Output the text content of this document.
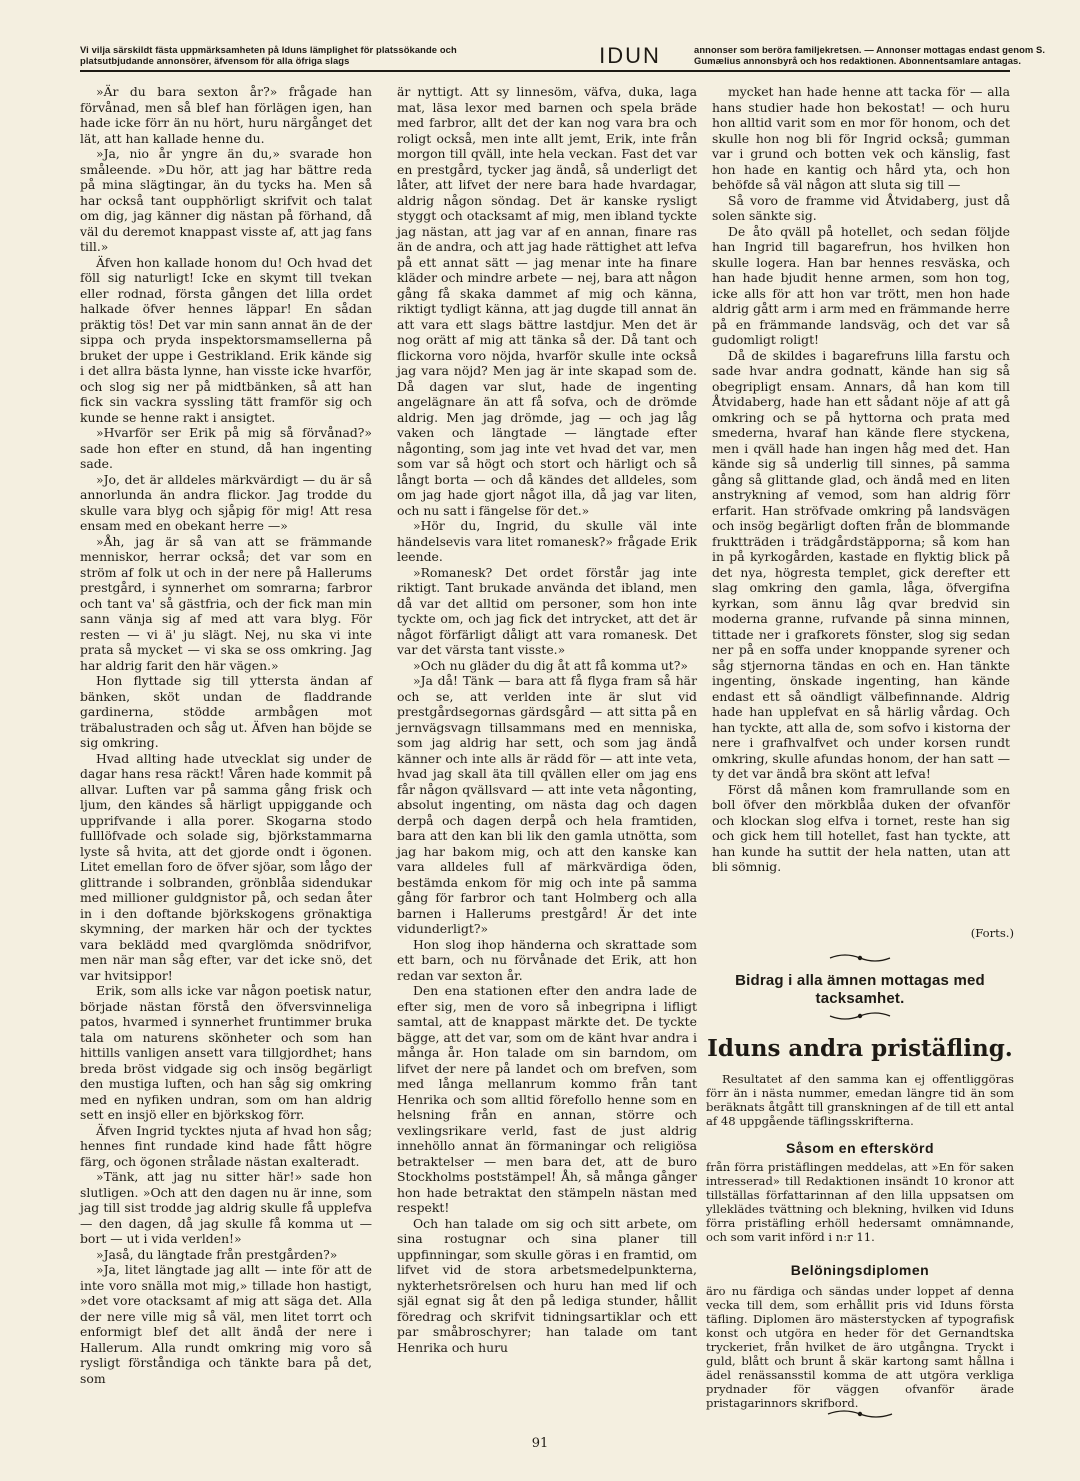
Vi vilja särskildt fästa uppmärksamheten på Iduns lämplighet för platssökande och platsutbjudande annonsörer, äfvensom för alla öfriga slags	IDUN	annonser som beröra familjekretsen. — Annonser mottagas endast genom S. Gumælius annonsbyrå och hos redaktionen. Abonnentsamlare antagas.

»Är du bara sexton år?» frågade han förvånad, men så blef han förlägen igen, han hade icke förr än nu hört, huru närgånget det lät, att han kallade henne du.

»Ja, nio år yngre än du,» svarade hon småleende. »Du hör, att jag har bättre reda på mina slägtingar, än du tycks ha. Men så har också tant oupphörligt skrifvit och talat om dig, jag känner dig nästan på förhand, då väl du deremot knappast visste af, att jag fans till.»

Äfven hon kallade honom du! Och hvad det föll sig naturligt! Icke en skymt till tvekan eller rodnad, första gången det lilla ordet halkade öfver hennes läppar! En sådan präktig tös! Det var min sann annat än de der sippa och pryda inspektorsmamsellerna på bruket der uppe i Gestrikland. Erik kände sig i det allra bästa lynne, han visste icke hvarför, och slog sig ner på midtbänken, så att han fick sin vackra syssling tätt framför sig och kunde se henne rakt i ansigtet.

»Hvarför ser Erik på mig så förvånad?» sade hon efter en stund, då han ingenting sade.

»Jo, det är alldeles märkvärdigt — du är så annorlunda än andra flickor. Jag trodde du skulle vara blyg och sjåpig för mig! Att resa ensam med en obekant herre —»

»Åh, jag är så van att se främmande menniskor, herrar också; det var som en ström af folk ut och in der nere på Hallerums prestgård, i synnerhet om somrarna; farbror och tant va' så gästfria, och der fick man min sann vänja sig af med att vara blyg. För resten — vi ä' ju slägt. Nej, nu ska vi inte prata så mycket — vi ska se oss omkring. Jag har aldrig farit den här vägen.»

Hon flyttade sig till yttersta ändan af bänken, sköt undan de fladdrande gardinerna, stödde armbågen mot träbalustraden och såg ut. Äfven han böjde se sig omkring.

Hvad allting hade utvecklat sig under de dagar hans resa räckt! Våren hade kommit på allvar. Luften var på samma gång frisk och ljum, den kändes så härligt uppiggande och upprifvande i alla porer. Skogarna stodo fulllöfvade och solade sig, björkstammarna lyste så hvita, att det gjorde ondt i ögonen. Litet emellan foro de öfver sjöar, som lågo der glittrande i solbranden, grönblåa sidendukar med millioner guldgnistor på, och sedan åter in i den doftande björkskogens grönaktiga skymning, der marken här och der tycktes vara beklädd med qvarglömda snödrifvor, men när man såg efter, var det icke snö, det var hvitsippor!

Erik, som alls icke var någon poetisk natur, började nästan förstå den öfversvinneliga patos, hvarmed i synnerhet fruntimmer bruka tala om naturens skönheter och som han hittills vanligen ansett vara tillgjordhet; hans breda bröst vidgade sig och insög begärligt den mustiga luften, och han såg sig omkring med en nyfiken undran, som om han aldrig sett en insjö eller en björkskog förr.

Äfven Ingrid tycktes njuta af hvad hon såg; hennes fint rundade kind hade fått högre färg, och ögonen strålade nästan exalteradt.

»Tänk, att jag nu sitter här!» sade hon slutligen. »Och att den dagen nu är inne, som jag till sist trodde jag aldrig skulle få upplefva — den dagen, då jag skulle få komma ut — bort — ut i vida verlden!»

»Jaså, du längtade från prestgården?»

»Ja, litet längtade jag allt — inte för att de inte voro snälla mot mig,» tillade hon hastigt, »det vore otacksamt af mig att säga det. Alla der nere ville mig så väl, men litet torrt och enformigt blef det allt ändå der nere i Hallerum. Alla rundt omkring mig voro så rysligt förståndiga och tänkte bara på det, som

är nyttigt. Att sy linnesöm, väfva, duka, laga mat, läsa lexor med barnen och spela bräde med farbror, allt det der kan nog vara bra och roligt också, men inte allt jemt, Erik, inte från morgon till qväll, inte hela veckan. Fast det var en prestgård, tycker jag ändå, så underligt det låter, att lifvet der nere bara hade hvardagar, aldrig någon söndag. Det är kanske rysligt styggt och otacksamt af mig, men ibland tyckte jag nästan, att jag var af en annan, finare ras än de andra, och att jag hade rättighet att lefva på ett annat sätt — jag menar inte ha finare kläder och mindre arbete — nej, bara att någon gång få skaka dammet af mig och känna, riktigt tydligt känna, att jag dugde till annat än att vara ett slags bättre lastdjur. Men det är nog orätt af mig att tänka så der. Då tant och flickorna voro nöjda, hvarför skulle inte också jag vara nöjd? Men jag är inte skapad som de. Då dagen var slut, hade de ingenting angelägnare än att få sofva, och de drömde aldrig. Men jag drömde, jag — och jag låg vaken och längtade — längtade efter någonting, som jag inte vet hvad det var, men som var så högt och stort och härligt och så långt borta — och då kändes det alldeles, som om jag hade gjort något illa, då jag var liten, och nu satt i fängelse för det.»

»Hör du, Ingrid, du skulle väl inte händelsevis vara litet romanesk?» frågade Erik leende.

»Romanesk? Det ordet förstår jag inte riktigt. Tant brukade använda det ibland, men då var det alltid om personer, som hon inte tyckte om, och jag fick det intrycket, att det är något förfärligt dåligt att vara romanesk. Det var det värsta tant visste.»

»Och nu gläder du dig åt att få komma ut?»

»Ja då! Tänk — bara att få flyga fram så här och se, att verlden inte är slut vid prestgårdsegornas gärdsgård — att sitta på en jernvägsvagn tillsammans med en menniska, som jag aldrig har sett, och som jag ändå känner och inte alls är rädd för — att inte veta, hvad jag skall äta till qvällen eller om jag ens får någon qvällsvard — att inte veta någonting, absolut ingenting, om nästa dag och dagen derpå och dagen derpå och hela framtiden, bara att den kan bli lik den gamla utnötta, som jag har bakom mig, och att den kanske kan vara alldeles full af märkvärdiga öden, bestämda enkom för mig och inte på samma gång för farbror och tant Holmberg och alla barnen i Hallerums prestgård! Är det inte vidunderligt?»

Hon slog ihop händerna och skrattade som ett barn, och nu förvånade det Erik, att hon redan var sexton år.

Den ena stationen efter den andra lade de efter sig, men de voro så inbegripna i lifligt samtal, att de knappast märkte det. De tyckte bägge, att det var, som om de känt hvar andra i många år. Hon talade om sin barndom, om lifvet der nere på landet och om brefven, som med långa mellanrum kommo från tant Henrika och som alltid förefollo henne som en helsning från en annan, större och vexlingsrikare verld, fast de just aldrig innehöllo annat än förmaningar och religiösa betraktelser — men bara det, att de buro Stockholms poststämpel! Åh, så många gånger hon hade betraktat den stämpeln nästan med respekt!

Och han talade om sig och sitt arbete, om sina rostugnar och sina planer till uppfinningar, som skulle göras i en framtid, om lifvet vid de stora arbetsmedelpunkterna, nykterhetsrörelsen och huru han med lif och själ egnat sig åt den på lediga stunder, hållit föredrag och skrifvit tidningsartiklar och ett par småbroschyrer; han talade om tant Henrika och huru

mycket han hade henne att tacka för — alla hans studier hade hon bekostat! — och huru hon alltid varit som en mor för honom, och det skulle hon nog bli för Ingrid också; gumman var i grund och botten vek och känslig, fast hon hade en kantig och hård yta, och hon behöfde så väl någon att sluta sig till —

Så voro de framme vid Åtvidaberg, just då solen sänkte sig.

De åto qväll på hotellet, och sedan följde han Ingrid till bagarefrun, hos hvilken hon skulle logera. Han bar hennes resväska, och han hade bjudit henne armen, som hon tog, icke alls för att hon var trött, men hon hade aldrig gått arm i arm med en främmande herre på en främmande landsväg, och det var så gudomligt roligt!

Då de skildes i bagarefruns lilla farstu och sade hvar andra godnatt, kände han sig så obegripligt ensam. Annars, då han kom till Åtvidaberg, hade han ett sådant nöje af att gå omkring och se på hyttorna och prata med smederna, hvaraf han kände flere styckena, men i qväll hade han ingen håg med det. Han kände sig så underlig till sinnes, på samma gång så glittande glad, och ändå med en liten anstrykning af vemod, som han aldrig förr erfarit. Han ströfvade omkring på landsvägen och insög begärligt doften från de blommande fruktträden i trädgårdstäpporna; så kom han in på kyrkogården, kastade en flyktig blick på det nya, högresta templet, gick derefter ett slag omkring den gamla, låga, öfvergifna kyrkan, som ännu låg qvar bredvid sin moderna granne, rufvande på sinna minnen, tittade ner i grafkorets fönster, slog sig sedan ner på en soffa under knoppande syrener och såg stjernorna tändas en och en. Han tänkte ingenting, önskade ingenting, han kände endast ett så oändligt välbefinnande. Aldrig hade han upplefvat en så härlig vårdag. Och han tyckte, att alla de, som sofvo i kistorna der nere i grafhvalfvet och under korsen rundt omkring, skulle afundas honom, der han satt — ty det var ändå bra skönt att lefva!

Först då månen kom framrullande som en boll öfver den mörkblåa duken der ofvanför och klockan slog elfva i tornet, reste han sig och gick hem till hotellet, fast han tyckte, att han kunde ha suttit der hela natten, utan att bli sömnig.

(Forts.)
Bidrag i alla ämnen mottagas med tacksamhet.
Iduns andra pristäfling.

Resultatet af den samma kan ej offentliggöras förr än i nästa nummer, emedan längre tid än som beräknats åtgått till granskningen af de till ett antal af 48 uppgående täflingsskrifterna.

Såsom en efterskörd

från förra pristäflingen meddelas, att »En för saken intresserad» till Redaktionen insändt 10 kronor att tillställas författarinnan af den lilla uppsatsen om ylleklädes tvättning och blekning, hvilken vid Iduns förra pristäfling erhöll hedersamt omnämnande, och som varit införd i n:r 11.

Belöningsdiplomen

äro nu färdiga och sändas under loppet af denna vecka till dem, som erhållit pris vid Iduns första täfling. Diplomen äro mästerstycken af typografisk konst och utgöra en heder för det Gernandtska tryckeriet, från hvilket de äro utgångna. Tryckt i guld, blått och brunt å skär kartong samt hållna i ädel renässansstil komma de att utgöra verkliga prydnader för väggen ofvanför ärade pristagarinnors skrifbord.

91
